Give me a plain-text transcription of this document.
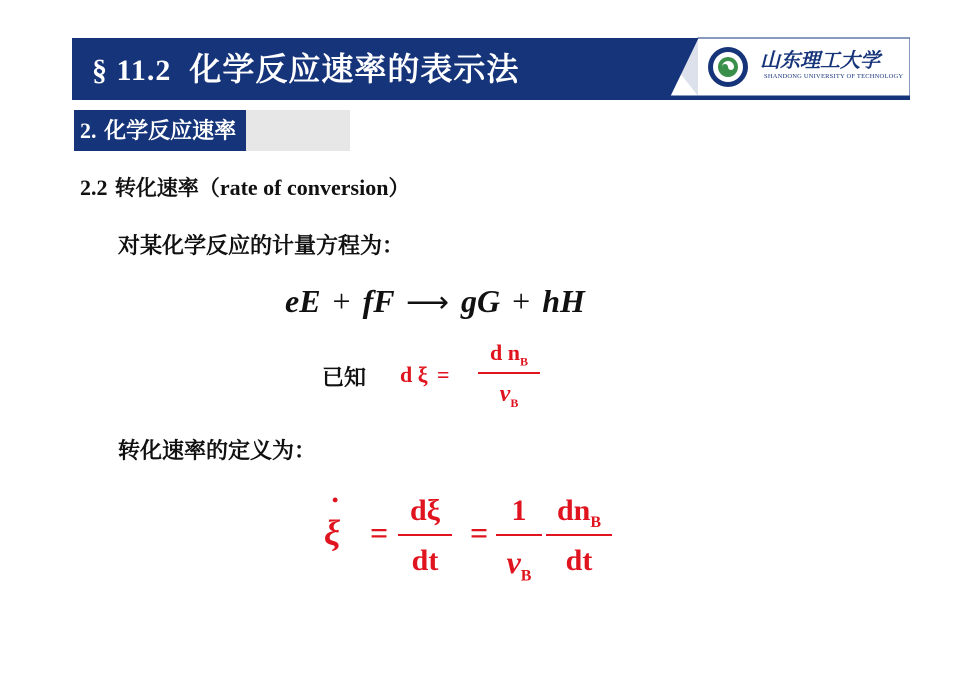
§ 11.2 化学反应速率的表示法	山东理工大学
SHANDONG UNIVERSITY OF TECHNOLOGY
2. 化学反应速率
2.2 转化速率（rate of conversion）
对某化学反应的计量方程为：
eE + fF ⟶ gG + hH
已知 d ξ =
d $n_B$
$\nu_B$
转化速率的定义为：
•
ξ =
dξ
dt
=
1
$\nu_B$
$dn_B$
dt
